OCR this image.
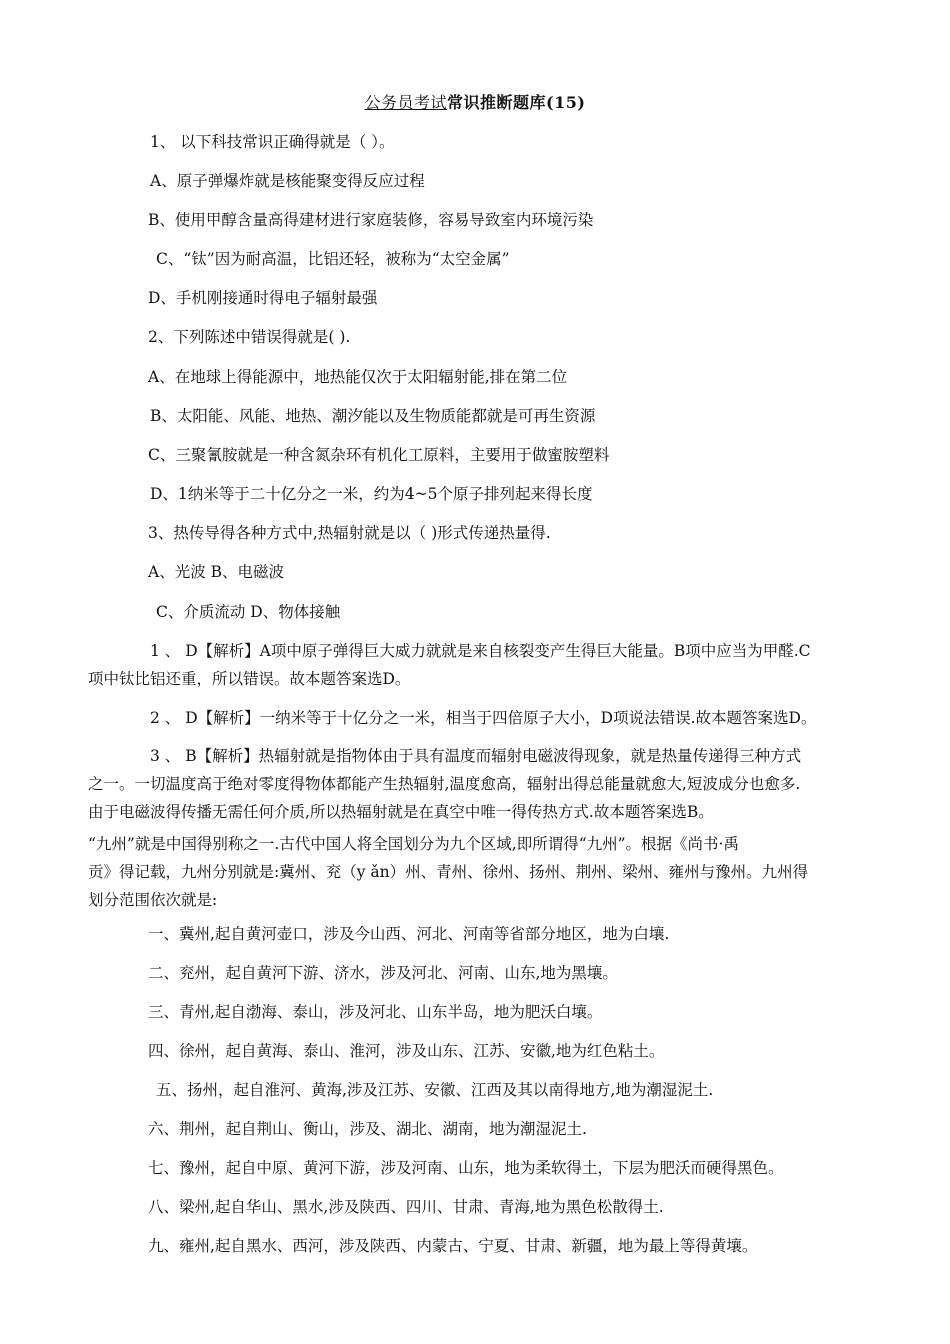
公务员考试常识推断题库(15)
1、 以下科技常识正确得就是（ ）。
A、原子弹爆炸就是核能聚变得反应过程
B、使用甲醇含量高得建材进行家庭装修，容易导致室内环境污染
C、“钛”因为耐高温，比铝还轻，被称为“太空金属”
D、手机刚接通时得电子辐射最强
2、下列陈述中错误得就是( ).
A、在地球上得能源中，地热能仅次于太阳辐射能,排在第二位
B、太阳能、风能、地热、潮汐能以及生物质能都就是可再生资源
C、三聚氰胺就是一种含氮杂环有机化工原料，主要用于做蜜胺塑料
D、1纳米等于二十亿分之一米，约为4~5个原子排列起来得长度
3、热传导得各种方式中,热辐射就是以（ )形式传递热量得.
A、光波 B、电磁波
C、介质流动 D、物体接触
1 、 D【解析】A项中原子弹得巨大威力就就是来自核裂变产生得巨大能量。B项中应当为甲醛.C
项中钛比铝还重，所以错误。故本题答案选D。
2 、 D【解析】一纳米等于十亿分之一米，相当于四倍原子大小，D项说法错误.故本题答案选D。
3 、 B【解析】热辐射就是指物体由于具有温度而辐射电磁波得现象，就是热量传递得三种方式
之一。一切温度高于绝对零度得物体都能产生热辐射,温度愈高，辐射出得总能量就愈大,短波成分也愈多.
由于电磁波得传播无需任何介质,所以热辐射就是在真空中唯一得传热方式.故本题答案选B。
“九州”就是中国得别称之一.古代中国人将全国划分为九个区域,即所谓得“九州”。根据《尚书·禹
贡》得记载，九州分别就是:冀州、兖（y ǎn）州、青州、徐州、扬州、荆州、梁州、雍州与豫州。九州得
划分范围依次就是:
一、冀州,起自黄河壶口，涉及今山西、河北、河南等省部分地区，地为白壤.
二、兖州，起自黄河下游、济水，涉及河北、河南、山东,地为黑壤。
三、青州,起自渤海、泰山，涉及河北、山东半岛，地为肥沃白壤。
四、徐州，起自黄海、泰山、淮河，涉及山东、江苏、安徽,地为红色粘土。
五、扬州，起自淮河、黄海,涉及江苏、安徽、江西及其以南得地方,地为潮湿泥土.
六、荆州，起自荆山、衡山，涉及、湖北、湖南，地为潮湿泥土.
七、豫州，起自中原、黄河下游，涉及河南、山东，地为柔软得土，下层为肥沃而硬得黑色。
八、梁州,起自华山、黑水,涉及陕西、四川、甘肃、青海,地为黑色松散得土.
九、雍州,起自黑水、西河，涉及陕西、内蒙古、宁夏、甘肃、新疆，地为最上等得黄壤。
